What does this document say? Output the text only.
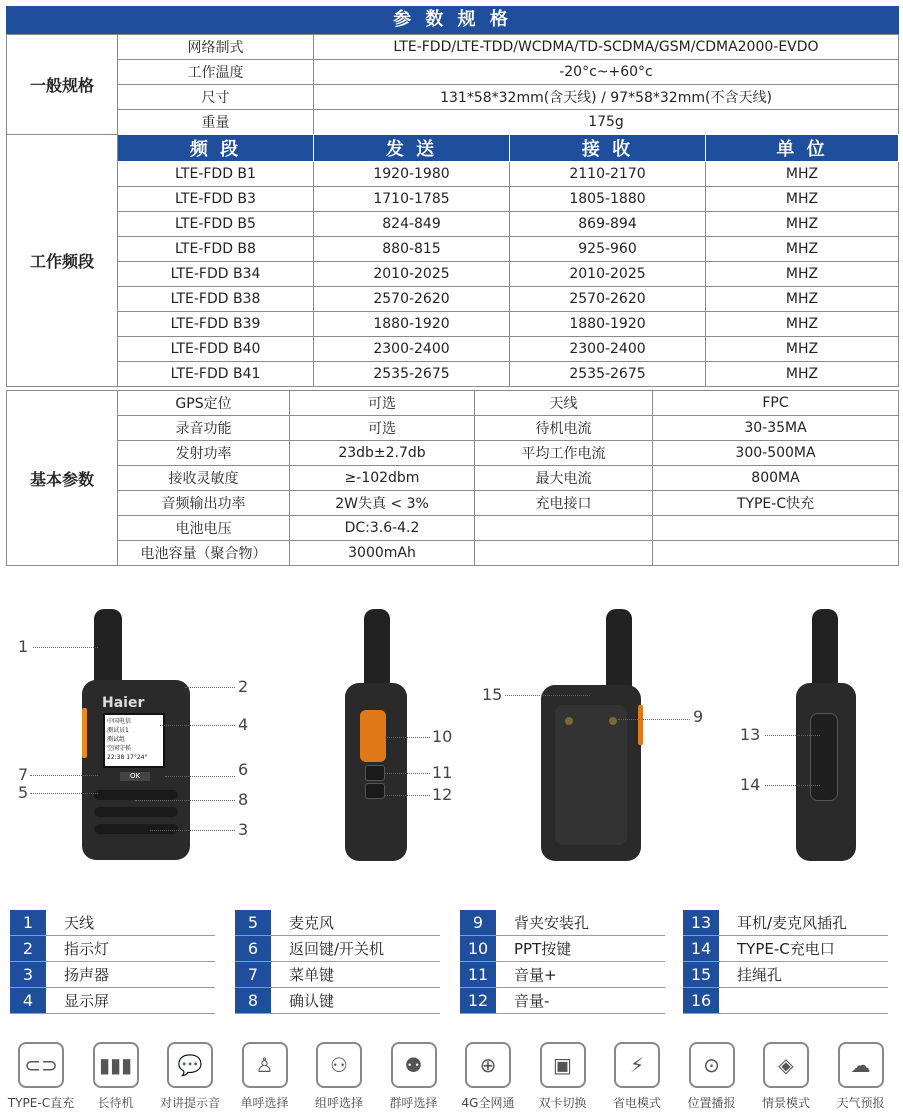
参 数 规 格
一般规格	网络制式	LTE-FDD/LTE-TDD/WCDMA/TD-SCDMA/GSM/CDMA2000-EVDO
	工作温度	-20°c~+60°c
	尺寸	131*58*32mm(含天线) / 97*58*32mm(不含天线)
	重量	175g
工作频段	频 段	发 送	接 收	单 位
	LTE-FDD B1	1920-1980	2110-2170	MHZ
	LTE-FDD B3	1710-1785	1805-1880	MHZ
	LTE-FDD B5	824-849	869-894	MHZ
	LTE-FDD B8	880-815	925-960	MHZ
	LTE-FDD B34	2010-2025	2010-2025	MHZ
	LTE-FDD B38	2570-2620	2570-2620	MHZ
	LTE-FDD B39	1880-1920	1880-1920	MHZ
	LTE-FDD B40	2300-2400	2300-2400	MHZ
	LTE-FDD B41	2535-2675	2535-2675	MHZ
基本参数	GPS定位	可选	天线	FPC
	录音功能	可选	待机电流	30-35MA
	发射功率	23db±2.7db	平均工作电流	300-500MA
	接收灵敏度	≥-102dbm	最大电流	800MA
	音频输出功率	2W失真 < 3%	充电接口	TYPE-C快充
	电池电压	DC:3.6-4.2		
	电池容量（聚合物）	3000mAh		
Haier
中国电信
测试员1
测试组
空闲守候
22:38 17°24°
OK
1
2
4
7	6
5	8
3
10
11
12
15
9
13
14
1	天线
2	指示灯
3	扬声器
4	显示屏
5	麦克风
6	返回键/开关机
7	菜单键
8	确认键
9	背夹安装孔
10	PPT按键
11	音量+
12	音量-
13	耳机/麦克风插孔
14	TYPE-C充电口
15	挂绳孔
16
⊂⊃
TYPE-C直充
▮▮▮
长待机
💬
对讲提示音
♙
单呼选择
⚇
组呼选择
⚉
群呼选择
⊕
4G全网通
▣
双卡切换
⚡
省电模式
⊙
位置播报
◈
情景模式
☁
天气预报
